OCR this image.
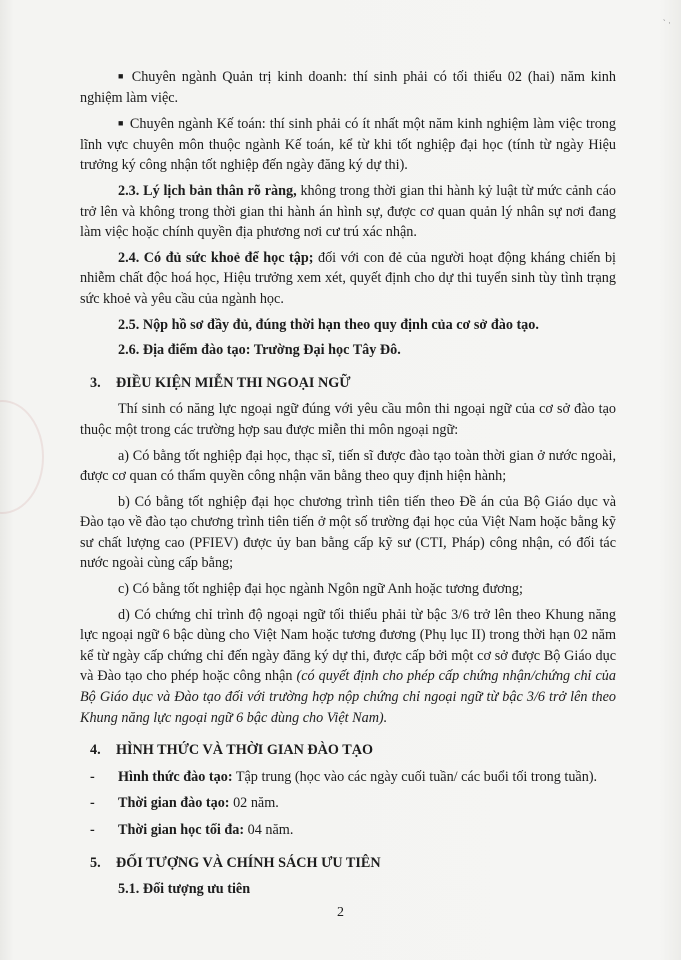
` ·

■ Chuyên ngành Quản trị kinh doanh: thí sinh phải có tối thiểu 02 (hai) năm kinh nghiệm làm việc.

■ Chuyên ngành Kế toán: thí sinh phải có ít nhất một năm kinh nghiệm làm việc trong lĩnh vực chuyên môn thuộc ngành Kế toán, kể từ khi tốt nghiệp đại học (tính từ ngày Hiệu trưởng ký công nhận tốt nghiệp đến ngày đăng ký dự thi).

2.3. Lý lịch bản thân rõ ràng, không trong thời gian thi hành kỷ luật từ mức cảnh cáo trở lên và không trong thời gian thi hành án hình sự, được cơ quan quản lý nhân sự nơi đang làm việc hoặc chính quyền địa phương nơi cư trú xác nhận.

2.4. Có đủ sức khoẻ để học tập; đối với con đẻ của người hoạt động kháng chiến bị nhiễm chất độc hoá học, Hiệu trưởng xem xét, quyết định cho dự thi tuyển sinh tùy tình trạng sức khoẻ và yêu cầu của ngành học.

2.5. Nộp hồ sơ đầy đủ, đúng thời hạn theo quy định của cơ sở đào tạo.

2.6. Địa điểm đào tạo: Trường Đại học Tây Đô.

3. ĐIỀU KIỆN MIỄN THI NGOẠI NGỮ

Thí sinh có năng lực ngoại ngữ đúng với yêu cầu môn thi ngoại ngữ của cơ sở đào tạo thuộc một trong các trường hợp sau được miễn thi môn ngoại ngữ:

a) Có bằng tốt nghiệp đại học, thạc sĩ, tiến sĩ được đào tạo toàn thời gian ở nước ngoài, được cơ quan có thẩm quyền công nhận văn bằng theo quy định hiện hành;

b) Có bằng tốt nghiệp đại học chương trình tiên tiến theo Đề án của Bộ Giáo dục và Đào tạo về đào tạo chương trình tiên tiến ở một số trường đại học của Việt Nam hoặc bằng kỹ sư chất lượng cao (PFIEV) được ủy ban bằng cấp kỹ sư (CTI, Pháp) công nhận, có đối tác nước ngoài cùng cấp bằng;

c) Có bằng tốt nghiệp đại học ngành Ngôn ngữ Anh hoặc tương đương;

d) Có chứng chỉ trình độ ngoại ngữ tối thiểu phải từ bậc 3/6 trở lên theo Khung năng lực ngoại ngữ 6 bậc dùng cho Việt Nam hoặc tương đương (Phụ lục II) trong thời hạn 02 năm kể từ ngày cấp chứng chỉ đến ngày đăng ký dự thi, được cấp bởi một cơ sở được Bộ Giáo dục và Đào tạo cho phép hoặc công nhận (có quyết định cho phép cấp chứng nhận/chứng chỉ của Bộ Giáo dục và Đào tạo đối với trường hợp nộp chứng chỉ ngoại ngữ từ bậc 3/6 trở lên theo Khung năng lực ngoại ngữ 6 bậc dùng cho Việt Nam).

4. HÌNH THỨC VÀ THỜI GIAN ĐÀO TẠO
-	Hình thức đào tạo: Tập trung (học vào các ngày cuối tuần/ các buổi tối trong tuần).
-	Thời gian đào tạo: 02 năm.
-	Thời gian học tối đa: 04 năm.
5. ĐỐI TƯỢNG VÀ CHÍNH SÁCH ƯU TIÊN

5.1. Đối tượng ưu tiên

2
